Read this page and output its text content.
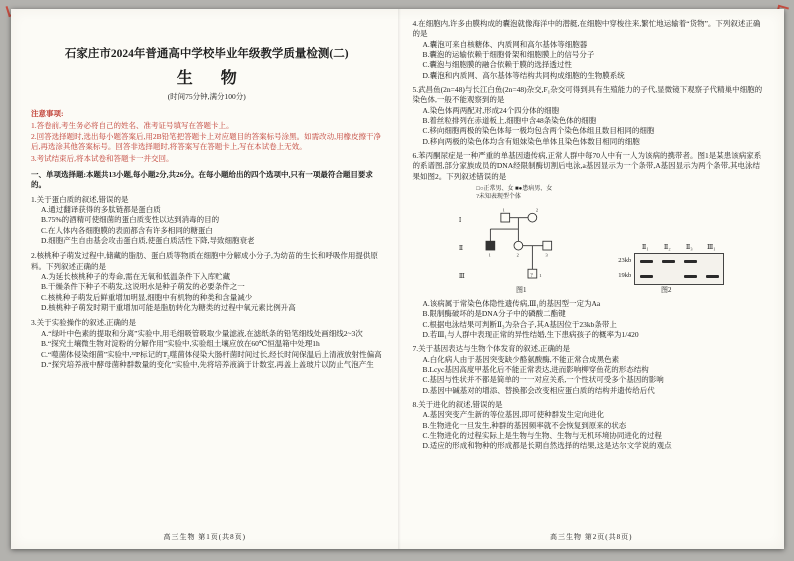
石家庄市2024年普通高中学校毕业年级教学质量检测(二)
生 物
(时间75分钟,满分100分)
注意事项:
1.答卷前,考生务必将自己的姓名、准考证号填写在答题卡上。
2.回答选择题时,选出每小题答案后,用2B铅笔把答题卡上对应题目的答案标号涂黑。如需改动,用橡皮擦干净后,再选涂其他答案标号。回答非选择题时,将答案写在答题卡上,写在本试卷上无效。
3.考试结束后,将本试卷和答题卡一并交回。
一、单项选择题:本题共13小题,每小题2分,共26分。在每小题给出的四个选项中,只有一项最符合题目要求的。
1.关于蛋白质的叙述,错误的是
A.通过翻译获得的多肽链都是蛋白质
B.75%的酒精可使细菌的蛋白质变性以达到消毒的目的
C.在人体内各细胞膜的表面都含有许多相同的糖蛋白
D.细胞产生自由基会攻击蛋白质,使蛋白质活性下降,导致细胞衰老
2.核桃种子萌发过程中,储藏的脂肪、蛋白质等物质在细胞中分解成小分子,为幼苗的生长和呼吸作用提供原料。下列叙述正确的是
A.为延长核桃种子的寿命,需在无氧和低温条件下入库贮藏
B.干燥条件下种子不萌发,这说明水是种子萌发的必要条件之一
C.核桃种子萌发后鲜重增加明显,细胞中有机物的种类和含量减少
D.核桃种子萌发时期干重增加可能是脂肪转化为糖类的过程中氧元素比例升高
3.关于实验操作的叙述,正确的是
A.“绿叶中色素的提取和分离”实验中,用毛细吸管吸取少量滤液,在滤纸条的铅笔细线处画细线2~3次
B.“探究土壤微生物对淀粉的分解作用”实验中,实验组土壤应放在60℃恒温箱中处理1h
C.“噬菌体侵染细菌”实验中,³²P标记的T₂噬菌体侵染大肠杆菌时间过长,经长时间保温后上清液放射性偏高
D.“探究培养液中酵母菌种群数量的变化”实验中,先将培养液滴于计数室,再盖上盖玻片以防止气泡产生
高三生物 第1页(共8页)
4.在细胞内,许多由膜构成的囊泡就像海洋中的潜艇,在细胞中穿梭往来,繁忙地运输着“货物”。下列叙述正确的是
A.囊泡可来自核糖体、内质网和高尔基体等细胞器
B.囊泡的运输依赖于细胞骨架和细胞膜上的信号分子
C.囊泡与细胞膜的融合依赖于膜的选择透过性
D.囊泡和内质网、高尔基体等结构共同构成细胞的生物膜系统
5.武昌鱼(2n=48)与长江白鱼(2n=48)杂交,F₁杂交可得到具有生殖能力的子代,显微镜下观察子代精巢中细胞的染色体,一般不能观察到的是
A.染色体两两配对,形成24个四分体的细胞
B.着丝粒排列在赤道板上,细胞中含48条染色体的细胞
C.移向细胞两极的染色体每一极均包含两个染色体组且数目相同的细胞
D.移向两极的染色体均含有姐妹染色单体且染色体数目相同的细胞
6.苯丙酮尿症是一种严重的单基因遗传病,正常人群中每70人中有一人为该病的携带者。图1是某患该病家系的系谱图,部分家族成员的DNA经限制酶切割后电泳,a基因显示为一个条带,A基因显示为两个条带,其电泳结果如图2。下列叙述错误的是
□○正常男、女 ■●患病男、女
?未知表现型个体
Ⅰ
Ⅱ
Ⅲ	?
1	2
1	2	3
1
图1
Ⅱ₁	Ⅱ₂	Ⅱ₃	Ⅲ₁
23kb
19kb
图2
A.该病属于常染色体隐性遗传病,Ⅲ₁的基因型一定为Aa
B.限制酶破坏的是DNA分子中的磷酸二酯键
C.根据电泳结果可判断Ⅱ₃为杂合子,其A基因位于23kb条带上
D.若Ⅲ₁与人群中表现正常的异性结婚,生下患病孩子的概率为1/420
7.关于基因表达与生物个体发育的叙述,正确的是
A.白化病人由于基因突变缺少酪氨酸酶,不能正常合成黑色素
B.Lcyc基因高度甲基化后不能正常表达,进而影响柳穿鱼花的形态结构
C.基因与性状并不都是简单的一一对应关系,一个性状可受多个基因的影响
D.基因中碱基对的增添、替换都会改变相应蛋白质的结构并遗传给后代
8.关于进化的叙述,错误的是
A.基因突变产生新的等位基因,即可使种群发生定向进化
B.生物进化一旦发生,种群的基因频率就不会恢复到原来的状态
C.生物进化的过程实际上是生物与生物、生物与无机环境协同进化的过程
D.适应的形成和物种的形成都是长期自然选择的结果,这是达尔文学说的观点
高三生物 第2页(共8页)
